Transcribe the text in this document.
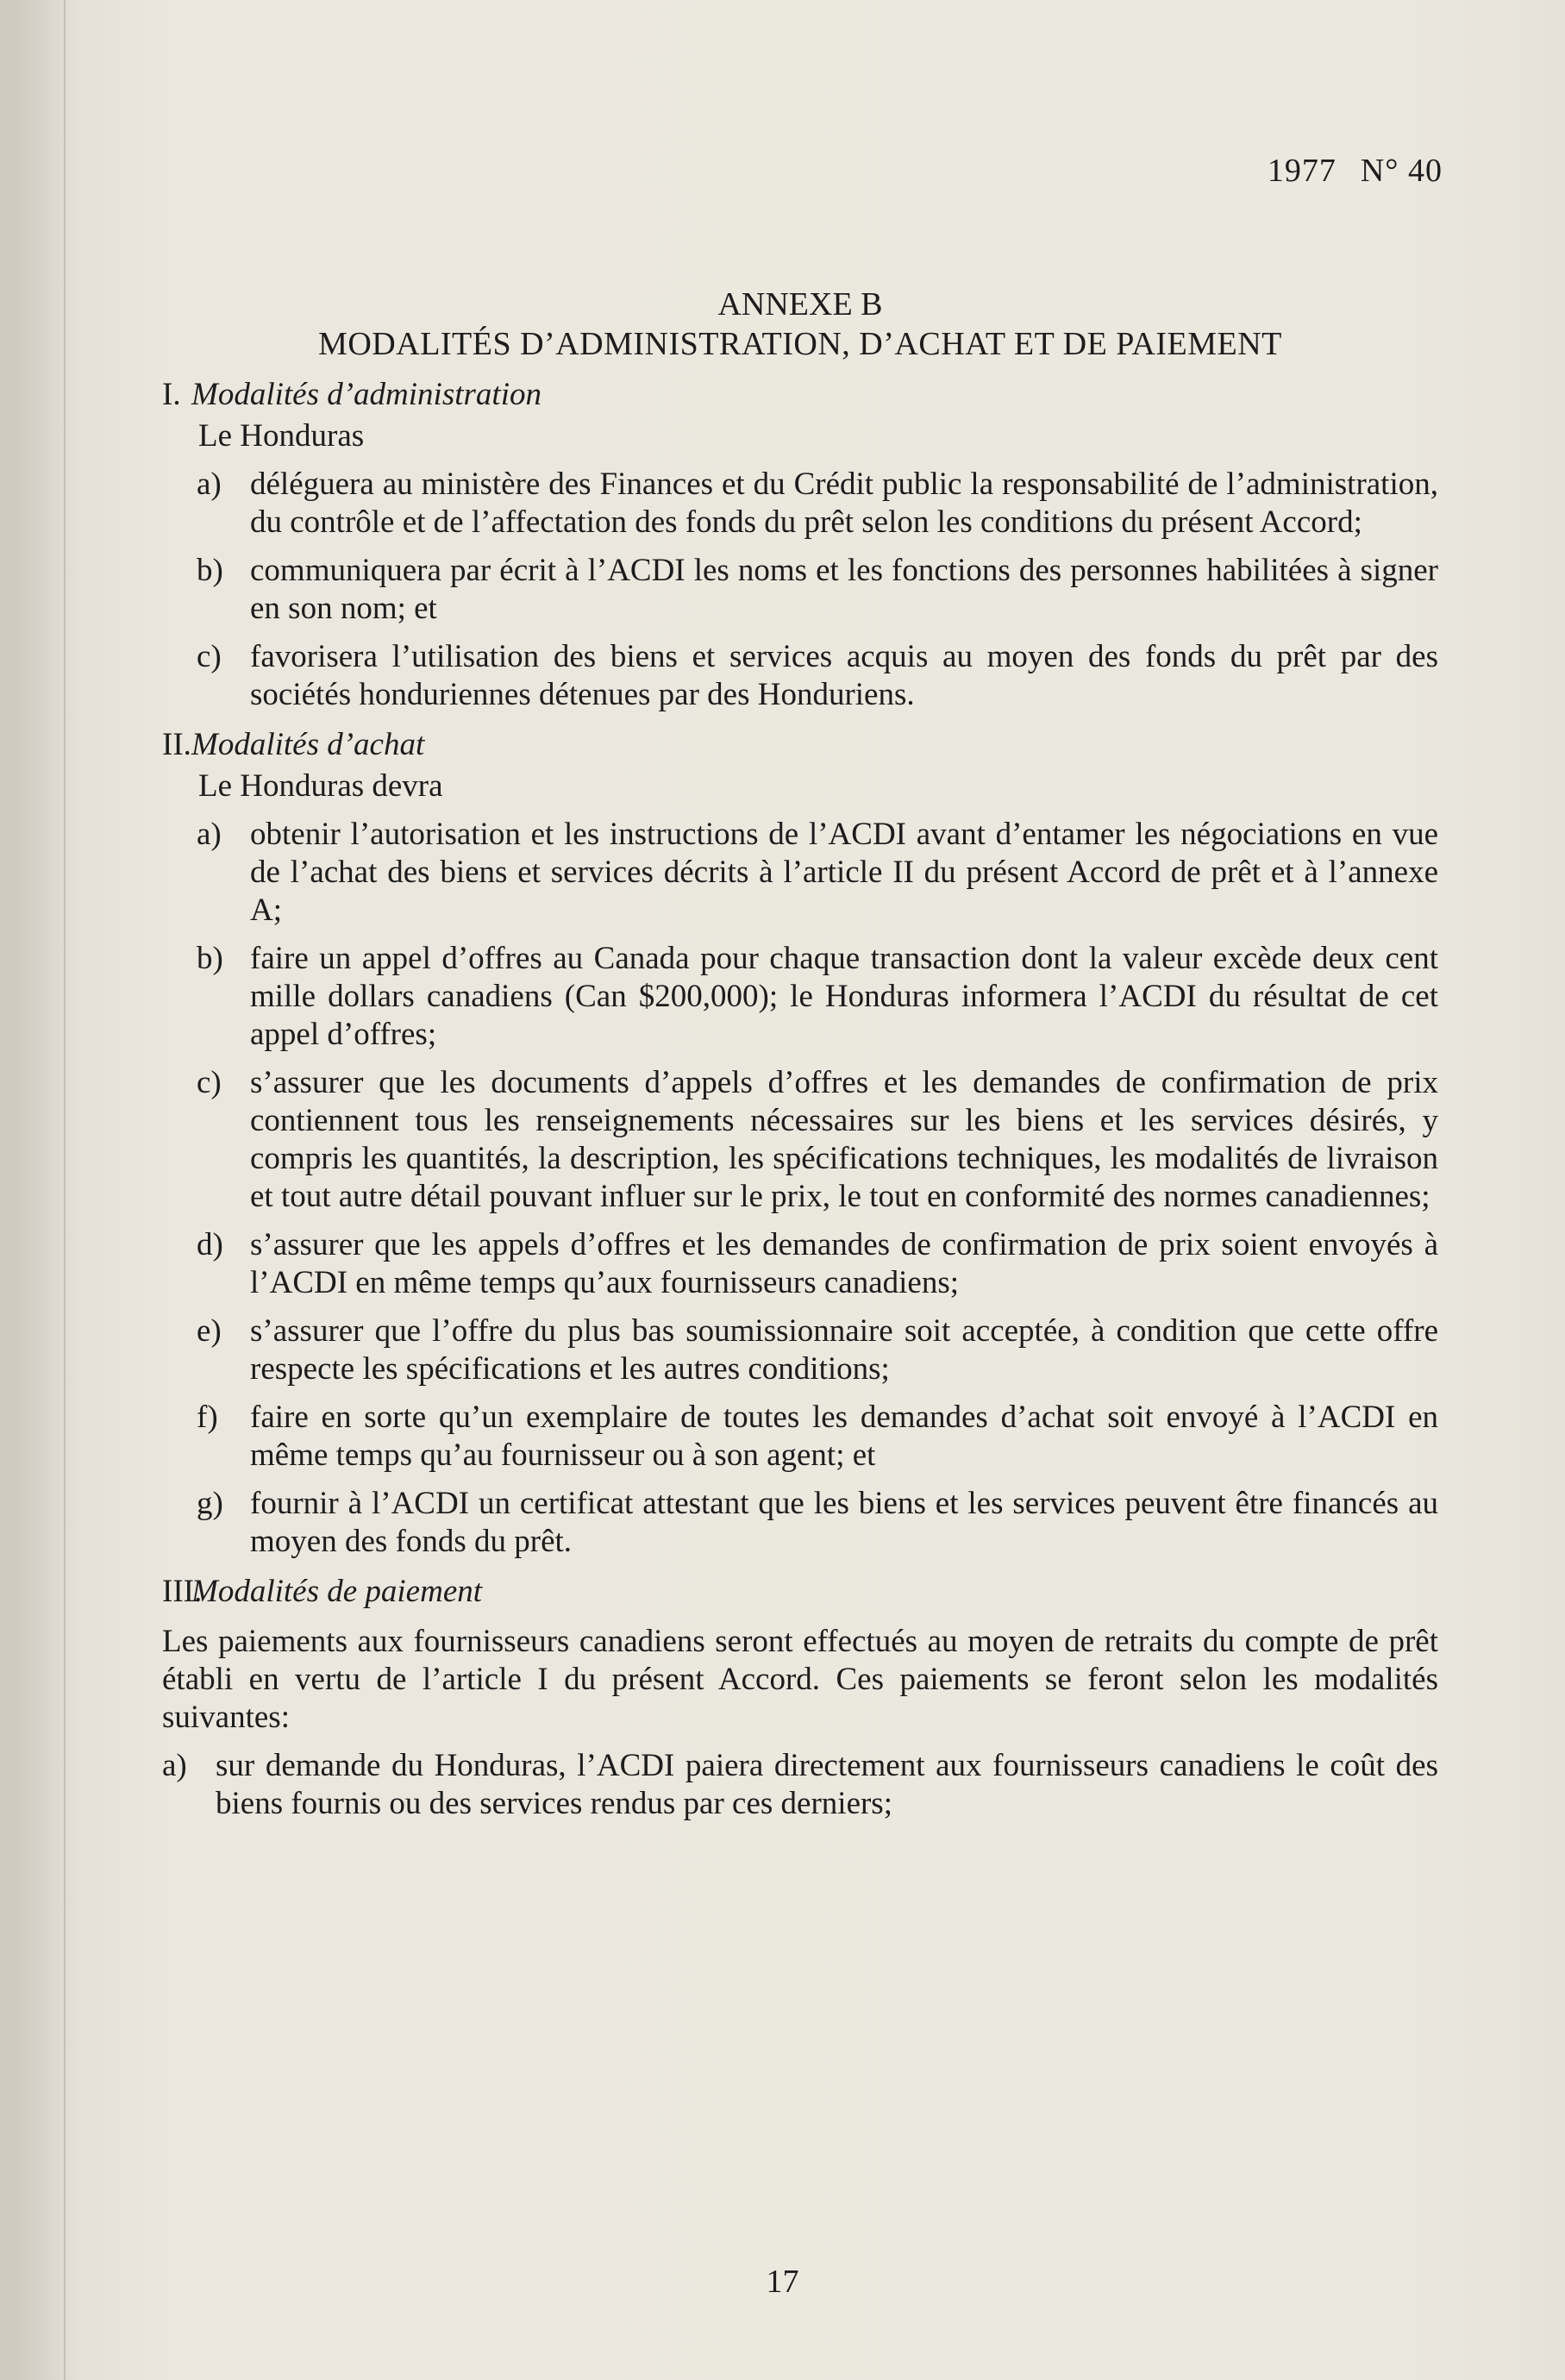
1977 N° 40
ANNEXE B
MODALITÉS D’ADMINISTRATION, D’ACHAT ET DE PAIEMENT
I. Modalités d’administration
Le Honduras
a) déléguera au ministère des Finances et du Crédit public la responsabilité de l’administration, du contrôle et de l’affectation des fonds du prêt selon les conditions du présent Accord;
b) communiquera par écrit à l’ACDI les noms et les fonctions des personnes habilitées à signer en son nom; et
c) favorisera l’utilisation des biens et services acquis au moyen des fonds du prêt par des sociétés honduriennes détenues par des Honduriens.
II. Modalités d’achat
Le Honduras devra
a) obtenir l’autorisation et les instructions de l’ACDI avant d’entamer les négociations en vue de l’achat des biens et services décrits à l’article II du présent Accord de prêt et à l’annexe A;
b) faire un appel d’offres au Canada pour chaque transaction dont la valeur excède deux cent mille dollars canadiens (Can $200,000); le Honduras informera l’ACDI du résultat de cet appel d’offres;
c) s’assurer que les documents d’appels d’offres et les demandes de confirmation de prix contiennent tous les renseignements nécessaires sur les biens et les services désirés, y compris les quantités, la description, les spécifications techniques, les modalités de livraison et tout autre détail pouvant influer sur le prix, le tout en conformité des normes canadiennes;
d) s’assurer que les appels d’offres et les demandes de confirmation de prix soient envoyés à l’ACDI en même temps qu’aux fournisseurs canadiens;
e) s’assurer que l’offre du plus bas soumissionnaire soit acceptée, à condition que cette offre respecte les spécifications et les autres conditions;
f)	faire en sorte qu’un exemplaire de toutes les demandes d’achat soit envoyé à l’ACDI en même temps qu’au fournisseur ou à son agent; et
g) fournir à l’ACDI un certificat attestant que les biens et les services peuvent être financés au moyen des fonds du prêt.
III.
Modalités de paiement
Les paiements aux fournisseurs canadiens seront effectués au moyen de retraits du compte de prêt établi en vertu de l’article I du présent Accord. Ces paiements se feront selon les modalités suivantes:
a) sur demande du Honduras, l’ACDI paiera directement aux fournisseurs canadiens le coût des biens fournis ou des services rendus par ces derniers;
17
